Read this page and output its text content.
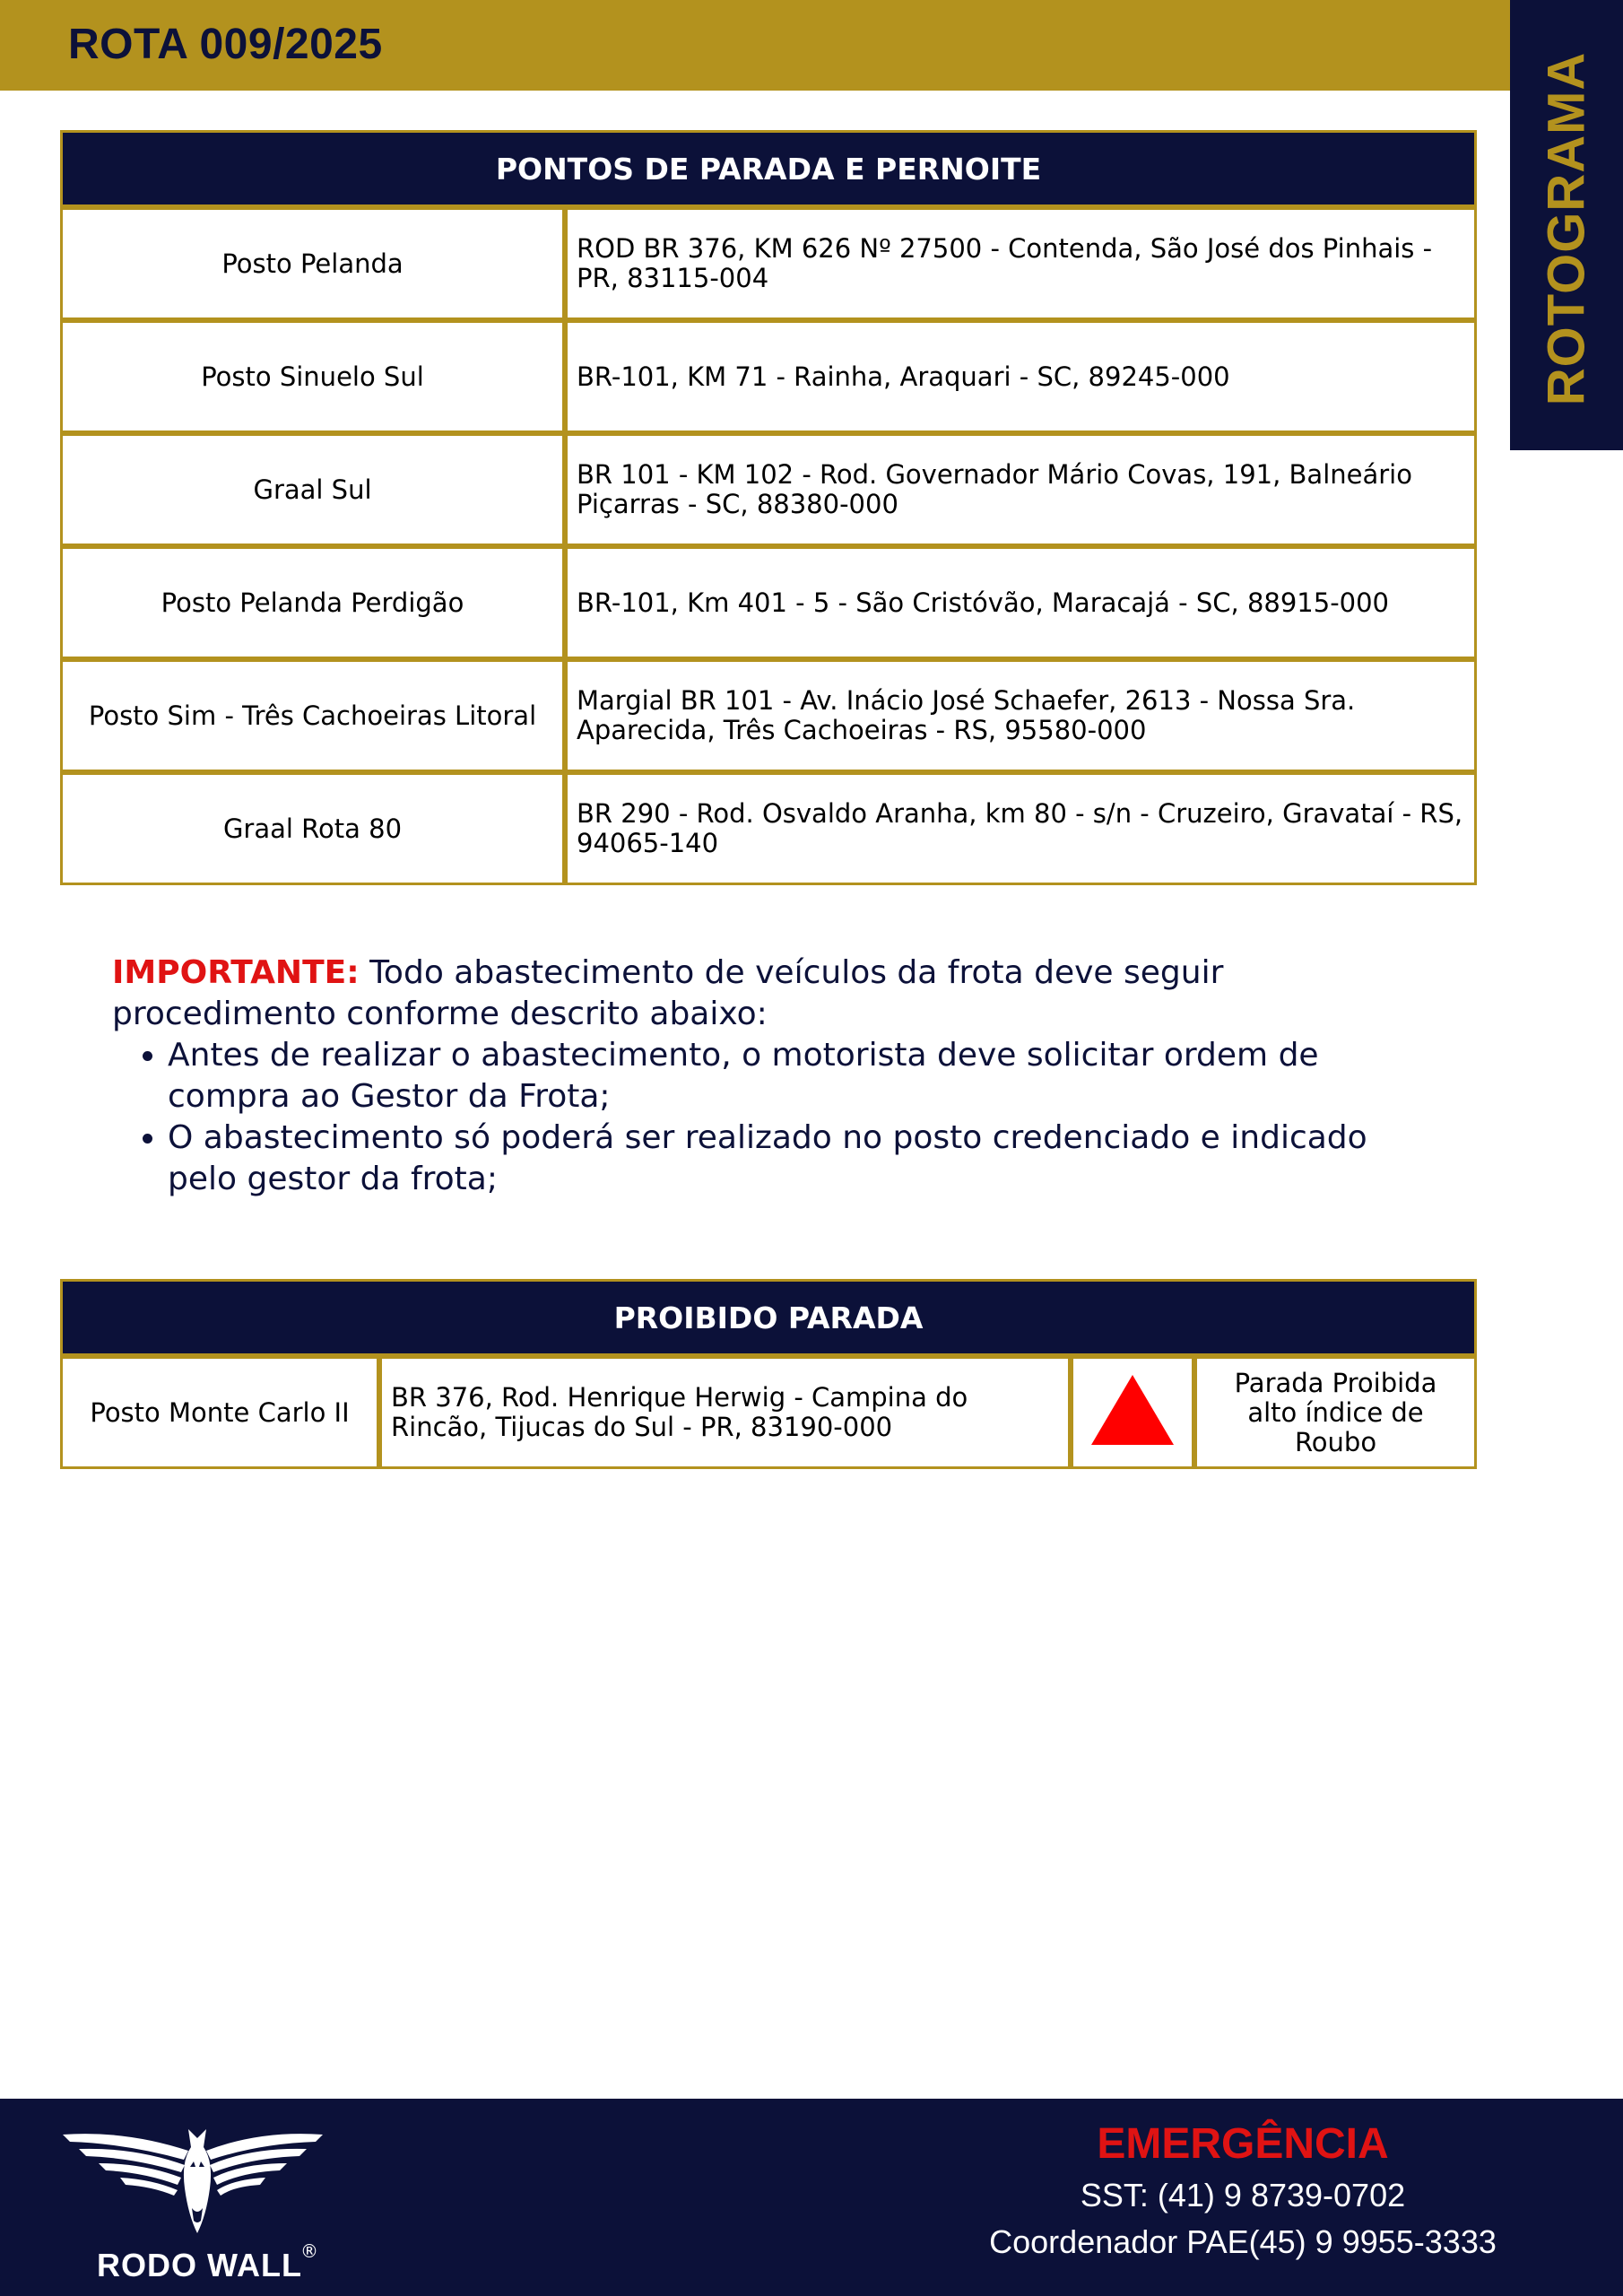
ROTA 009/2025
ROTOGRAMA
PONTOS DE PARADA E PERNOITE	
Posto Pelanda	ROD BR 376, KM 626 Nº 27500 - Contenda, São José dos Pinhais - PR, 83115-004
Posto Sinuelo Sul	BR-101, KM 71 - Rainha, Araquari - SC, 89245-000
Graal Sul	BR 101 - KM 102 - Rod. Governador Mário Covas, 191, Balneário Piçarras - SC, 88380-000
Posto Pelanda Perdigão	BR-101, Km 401 - 5 - São Cristóvão, Maracajá - SC, 88915-000
Posto Sim - Três Cachoeiras Litoral	Margial BR 101 - Av. Inácio José Schaefer, 2613 - Nossa Sra. Aparecida, Três Cachoeiras - RS, 95580-000
Graal Rota 80	BR 290 - Rod. Osvaldo Aranha, km 80 - s/n - Cruzeiro, Gravataí - RS, 94065-140
IMPORTANTE: Todo abastecimento de veículos da frota deve seguir procedimento conforme descrito abaixo:
• Antes de realizar o abastecimento, o motorista deve solicitar ordem de compra ao Gestor da Frota;
• O abastecimento só poderá ser realizado no posto credenciado e indicado pelo gestor da frota;
PROIBIDO PARADA
Posto Monte Carlo II	BR 376, Rod. Henrique Herwig - Campina do Rincão, Tijucas do Sul - PR, 83190-000		Parada Proibida alto índice de Roubo
RODO WALL
®
EMERGÊNCIA
SST: (41) 9 8739-0702
Coordenador PAE(45) 9 9955-3333
